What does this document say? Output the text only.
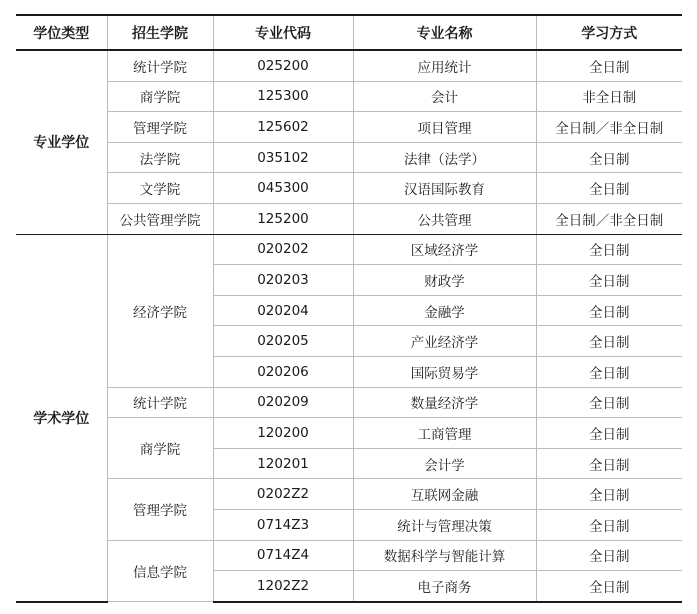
学位类型	招生学院	专业代码	专业名称	学习方式
专业学位	统计学院	025200	应用统计	全日制
	商学院	125300	会计	非全日制
	管理学院	125602	项目管理	全日制／非全日制
	法学院	035102	法律（法学）	全日制
	文学院	045300	汉语国际教育	全日制
	公共管理学院	125200	公共管理	全日制／非全日制
学术学位	经济学院	020202	区域经济学	全日制
		020203	财政学	全日制
		020204	金融学	全日制
		020205	产业经济学	全日制
		020206	国际贸易学	全日制
	统计学院	020209	数量经济学	全日制
	商学院	120200	工商管理	全日制
		120201	会计学	全日制
	管理学院	0202Z2	互联网金融	全日制
		0714Z3	统计与管理决策	全日制
	信息学院	0714Z4	数据科学与智能计算	全日制
		1202Z2	电子商务	全日制
